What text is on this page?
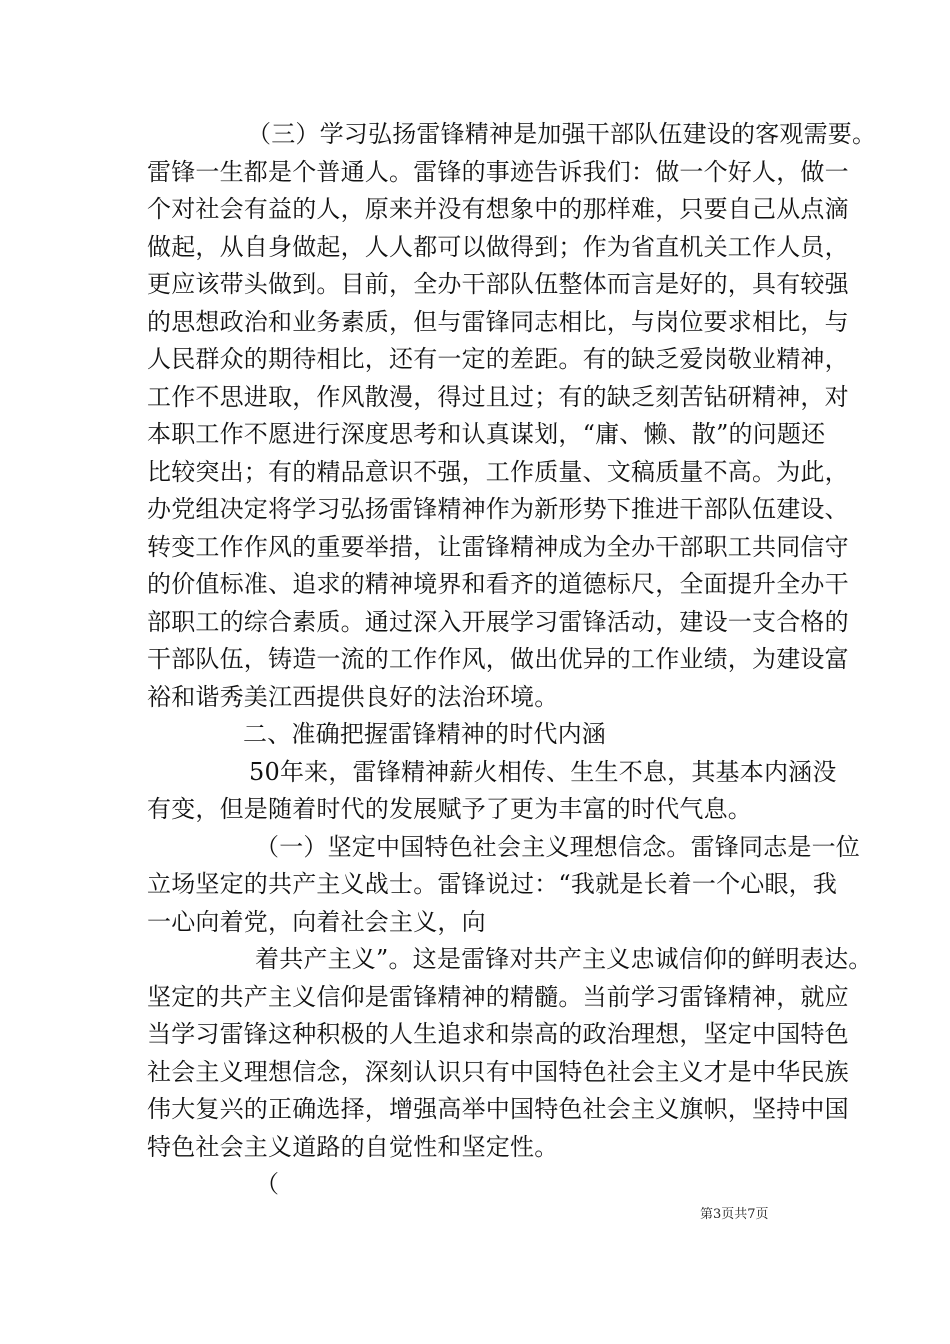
（三）学习弘扬雷锋精神是加强干部队伍建设的客观需要。
雷锋一生都是个普通人。雷锋的事迹告诉我们：做一个好人，做一
个对社会有益的人，原来并没有想象中的那样难，只要自己从点滴
做起，从自身做起，人人都可以做得到；作为省直机关工作人员，
更应该带头做到。目前，全办干部队伍整体而言是好的，具有较强
的思想政治和业务素质，但与雷锋同志相比，与岗位要求相比，与
人民群众的期待相比，还有一定的差距。有的缺乏爱岗敬业精神，
工作不思进取，作风散漫，得过且过；有的缺乏刻苦钻研精神，对
本职工作不愿进行深度思考和认真谋划，“庸、懒、散”的问题还
比较突出；有的精品意识不强，工作质量、文稿质量不高。为此，
办党组决定将学习弘扬雷锋精神作为新形势下推进干部队伍建设、
转变工作作风的重要举措，让雷锋精神成为全办干部职工共同信守
的价值标准、追求的精神境界和看齐的道德标尺，全面提升全办干
部职工的综合素质。通过深入开展学习雷锋活动，建设一支合格的
干部队伍，铸造一流的工作作风，做出优异的工作业绩，为建设富
裕和谐秀美江西提供良好的法治环境。
二、准确把握雷锋精神的时代内涵
50年来，雷锋精神薪火相传、生生不息，其基本内涵没
有变，但是随着时代的发展赋予了更为丰富的时代气息。
（一）坚定中国特色社会主义理想信念。雷锋同志是一位
立场坚定的共产主义战士。雷锋说过：“我就是长着一个心眼，我
一心向着党，向着社会主义，向
着共产主义”。这是雷锋对共产主义忠诚信仰的鲜明表达。
坚定的共产主义信仰是雷锋精神的精髓。当前学习雷锋精神，就应
当学习雷锋这种积极的人生追求和崇高的政治理想，坚定中国特色
社会主义理想信念，深刻认识只有中国特色社会主义才是中华民族
伟大复兴的正确选择，增强高举中国特色社会主义旗帜，坚持中国
特色社会主义道路的自觉性和坚定性。
（
第3页共7页
